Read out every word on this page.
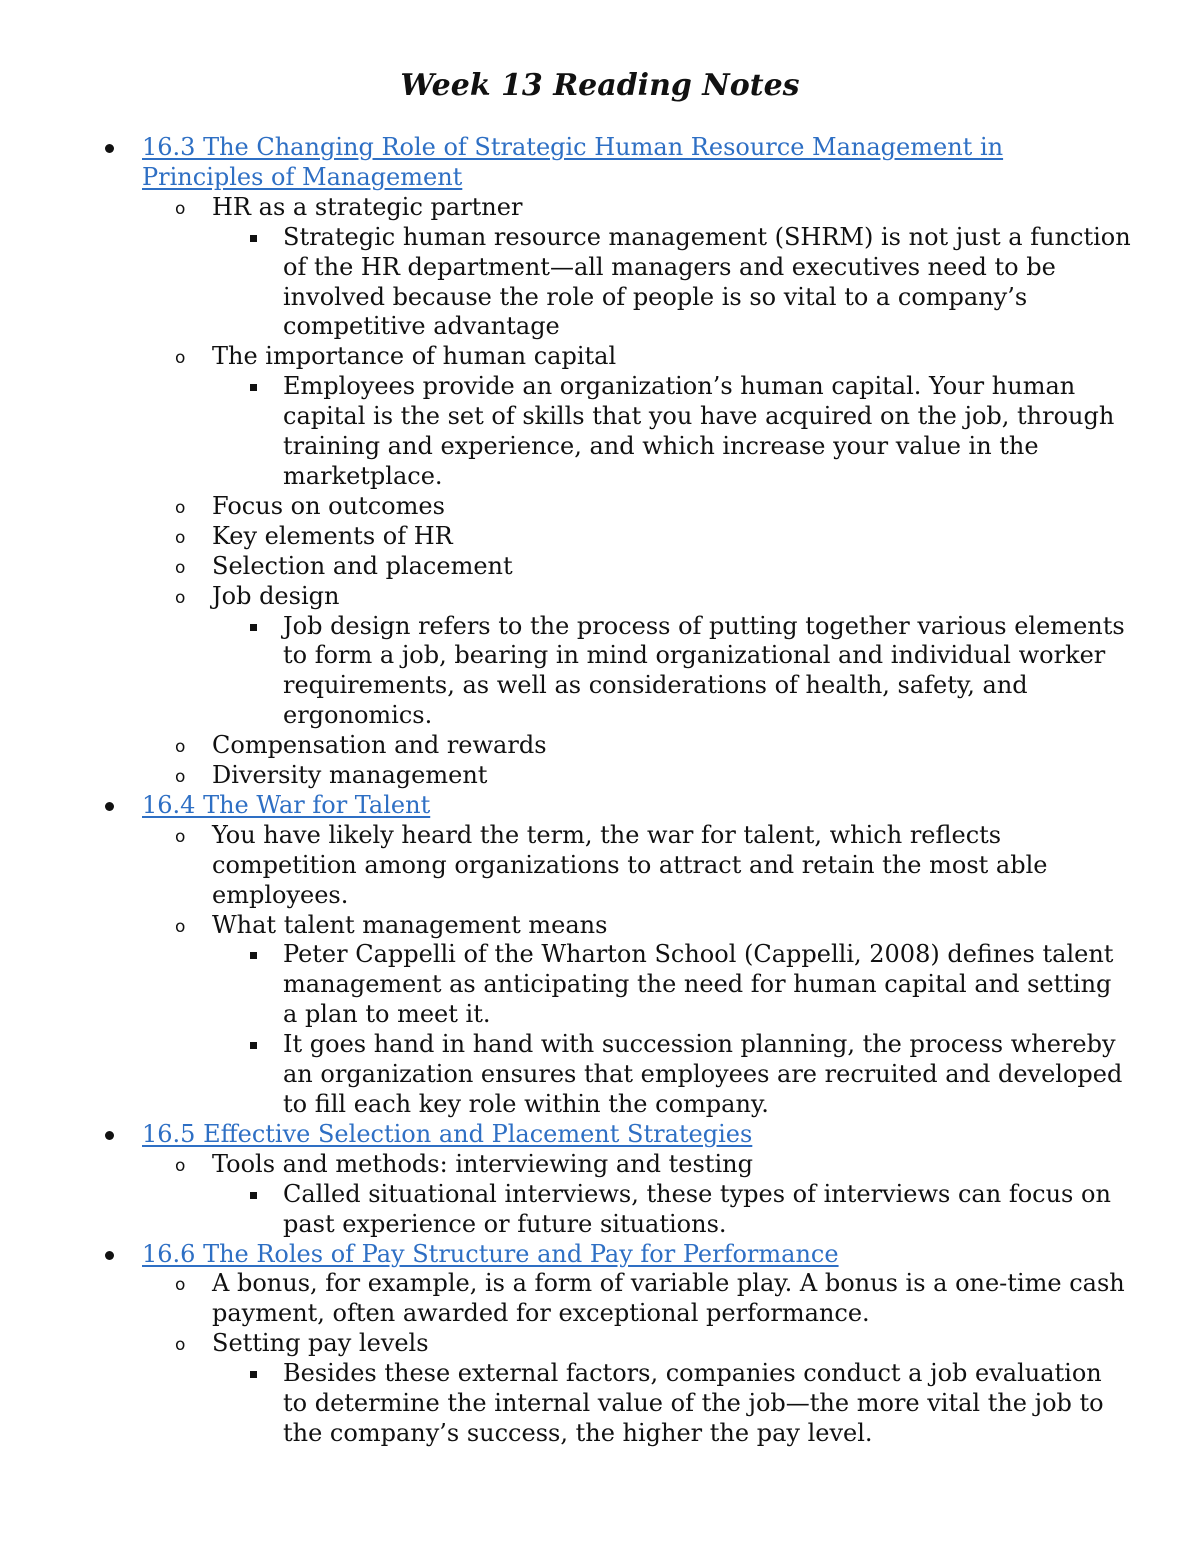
Week 13 Reading Notes
16.3 The Changing Role of Strategic Human Resource Management in Principles of Management
o HR as a strategic partner
Strategic human resource management (SHRM) is not just a function of the HR department—all managers and executives need to be involved because the role of people is so vital to a company’s competitive advantage
o The importance of human capital
Employees provide an organization’s human capital. Your human capital is the set of skills that you have acquired on the job, through training and experience, and which increase your value in the marketplace.
o Focus on outcomes
o Key elements of HR
o Selection and placement
o Job design
Job design refers to the process of putting together various elements to form a job, bearing in mind organizational and individual worker requirements, as well as considerations of health, safety, and ergonomics.
o Compensation and rewards
o Diversity management
16.4 The War for Talent
o You have likely heard the term, the war for talent, which reflects competition among organizations to attract and retain the most able employees.
o What talent management means
Peter Cappelli of the Wharton School (Cappelli, 2008) defines talent management as anticipating the need for human capital and setting a plan to meet it.
It goes hand in hand with succession planning, the process whereby an organization ensures that employees are recruited and developed to fill each key role within the company.
16.5 Effective Selection and Placement Strategies
o Tools and methods: interviewing and testing
Called situational interviews, these types of interviews can focus on past experience or future situations.
16.6 The Roles of Pay Structure and Pay for Performance
o A bonus, for example, is a form of variable play. A bonus is a one-time cash payment, often awarded for exceptional performance.
o Setting pay levels
Besides these external factors, companies conduct a job evaluation to determine the internal value of the job—the more vital the job to the company’s success, the higher the pay level.
